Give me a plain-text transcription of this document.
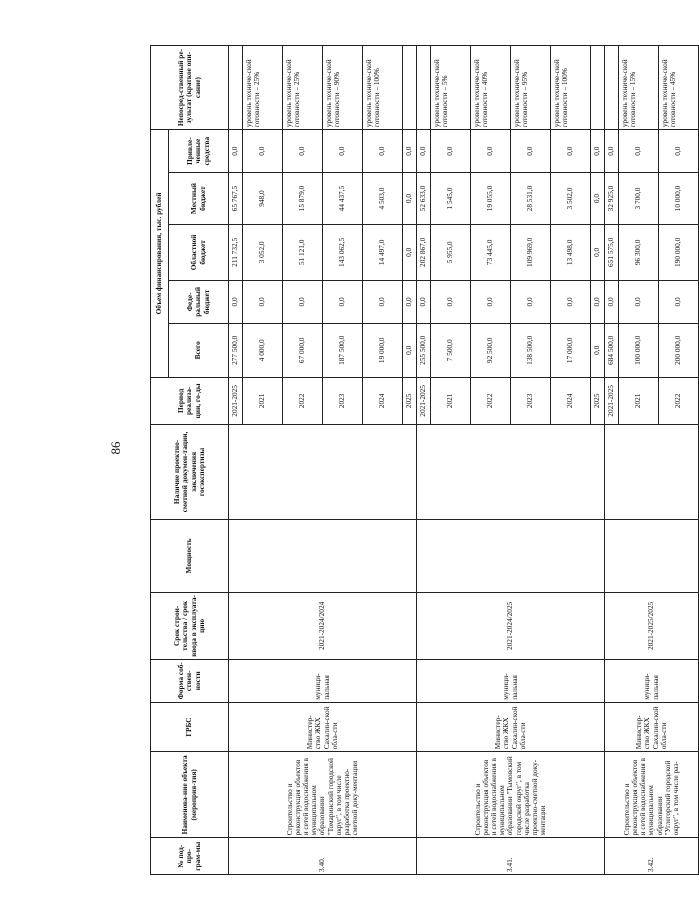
86
№ под-про-грам-мы	Наименова-ние объекта (мероприя-тия)	ГРБС	Форма соб-ствен-ности	Срок строи-тельства / срок ввода в эксплуата-цию	Мощность	Наличие проектно-сметной докумен-тации, заключения госэкспертизы	Период реализа-ции, го-ды	Объем финансирования, тыс. рублей					Непосред-ственный ре-зультат (краткое опи-сание)
								Всего	Феде-ральный бюджет	Областной бюджет	Местный бюджет	Привле-ченные средства	
3.40.	Строительство и реконструкция объектов и сетей водоснабжения в муниципальном образовании "Томаринский городской округ", в том числе разработка проектно-сметной доку-ментации	Министер-ство ЖКХ Сахалин-ской обла-сти	муници-пальная	2021-2024/2024			2021-2025	277 500,0	0,0	211 732,5	65 767,5	0,0	
							2021	4 000,0	0,0	3 052,0	948,0	0,0	уровень техниче-ской готовности – 25%
							2022	67 000,0	0,0	51 121,0	15 879,0	0,0	уровень техниче-ской готовности – 25%
							2023	187 500,0	0,0	143 062,5	44 437,5	0,0	уровень техниче-ской готовности – 90%
							2024	19 000,0	0,0	14 497,0	4 503,0	0,0	уровень техниче-ской готовности – 100%
							2025	0,0	0,0	0,0	0,0	0,0	
3.41.	Строительство и реконструкция объектов и сетей водоснабжения в муниципальном образовании "Тымовский городской округ", в том числе разработка проектно-сметной доку-ментации	Министер-ство ЖКХ Сахалин-ской обла-сти	муници-пальная	2021-2024/2025			2021-2025	255 500,0	0,0	202 867,0	52 633,0	0,0	
							2021	7 500,0	0,0	5 955,0	1 545,0	0,0	уровень техниче-ской готовности – 5%
							2022	92 500,0	0,0	73 445,0	19 055,0	0,0	уровень техниче-ской готовности – 40%
							2023	138 500,0	0,0	109 969,0	28 531,0	0,0	уровень техниче-ской готовности – 95%
							2024	17 000,0	0,0	13 498,0	3 502,0	0,0	уровень техниче-ской готовности – 100%
							2025	0,0	0,0	0,0	0,0	0,0	
3.42.	Строительство и реконструкция объектов и сетей водоснабжения в муниципальном образовании "Углегорский городской округ", в том числе раз-	Министер-ство ЖКХ Сахалин-ской обла-сти	муници-пальная	2021-2025/2025			2021-2025	684 500,0	0,0	651 575,0	32 925,0	0,0	
							2021	100 000,0	0,0	96 300,0	3 700,0	0,0	уровень техниче-ской готовности – 15%
							2022	200 000,0	0,0	190 000,0	10 000,0	0,0	уровень техниче-ской готовности – 45%
